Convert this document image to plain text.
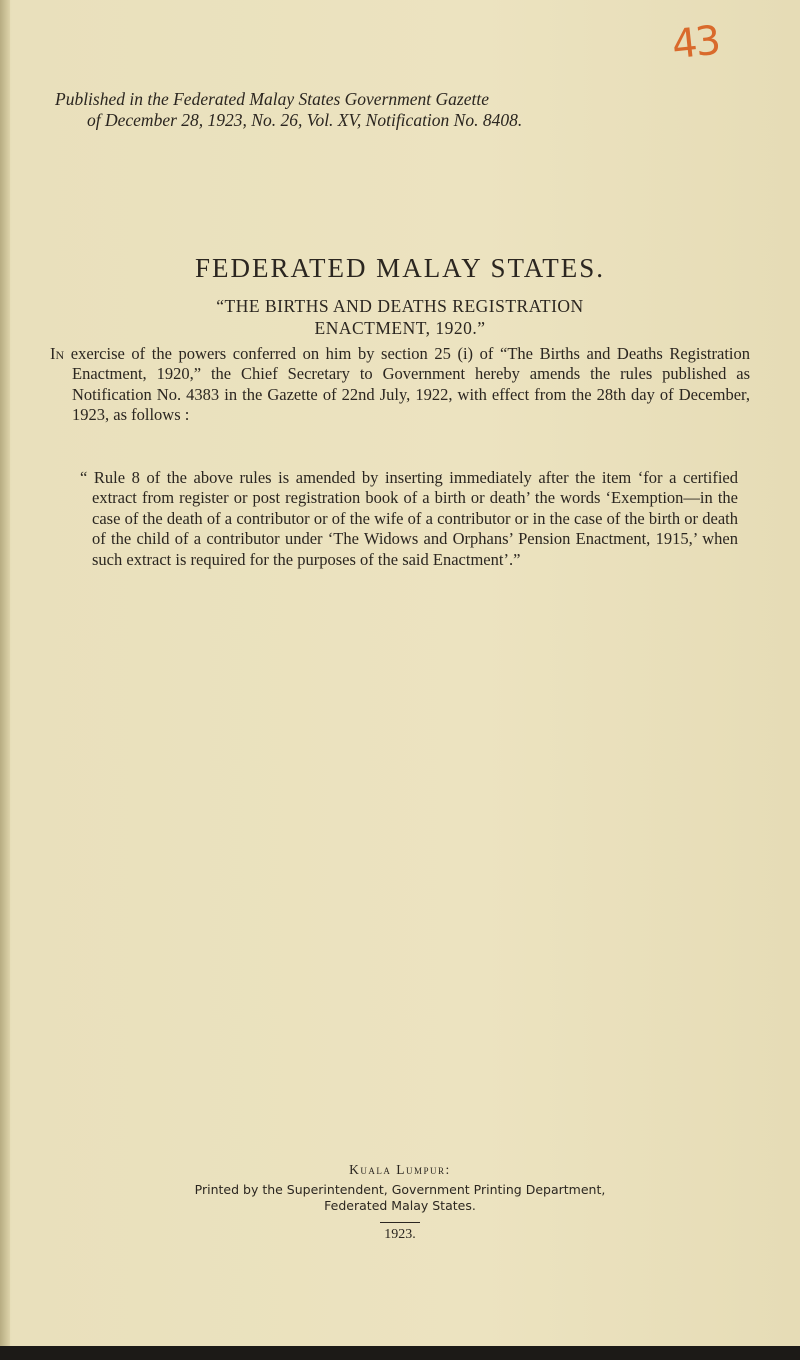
43
Published in the Federated Malay States Government Gazette
of December 28, 1923, No. 26, Vol. XV, Notification No. 8408.
FEDERATED MALAY STATES.
“THE BIRTHS AND DEATHS REGISTRATION
ENACTMENT, 1920.”

In exercise of the powers conferred on him by section 25 (i) of “The Births and Deaths Registration Enactment, 1920,” the Chief Secretary to Government hereby amends the rules published as Notification No. 4383 in the Gazette of 22nd July, 1922, with effect from the 28th day of December, 1923, as follows :

“ Rule 8 of the above rules is amended by inserting immediately after the item ‘for a certified extract from register or post registration book of a birth or death’ the words ‘Exemption—in the case of the death of a contributor or of the wife of a contributor or in the case of the birth or death of the child of a contributor under ‘The Widows and Orphans’ Pension Enactment, 1915,’ when such extract is required for the purposes of the said Enactment’.”

Kuala Lumpur:
Printed by the Superintendent, Government Printing Department,
Federated Malay States.
1923.
